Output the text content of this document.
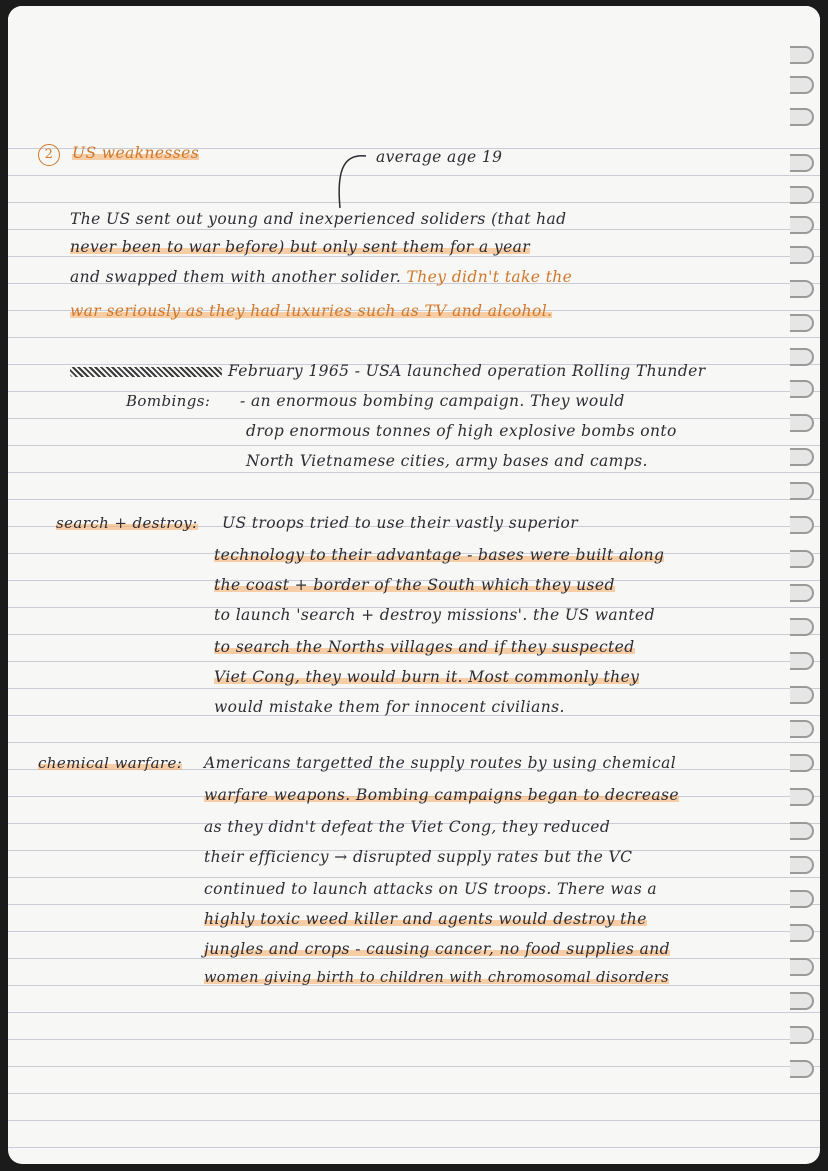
2 US weaknesses	average age 19
The US sent out young and inexperienced soliders (that had
never been to war before) but only sent them for a year
and swapped them with another solider. They didn't take the
war seriously as they had luxuries such as TV and alcohol.
February 1965 - USA launched operation Rolling Thunder
Bombings: - an enormous bombing campaign. They would
drop enormous tonnes of high explosive bombs onto
North Vietnamese cities, army bases and camps.
search + destroy: US troops tried to use their vastly superior
technology to their advantage - bases were built along
the coast + border of the South which they used
to launch 'search + destroy missions'. the US wanted
to search the Norths villages and if they suspected
Viet Cong, they would burn it. Most commonly they
would mistake them for innocent civilians.
chemical warfare: Americans targetted the supply routes by using chemical
warfare weapons. Bombing campaigns began to decrease
as they didn't defeat the Viet Cong, they reduced
their efficiency → disrupted supply rates but the VC
continued to launch attacks on US troops. There was a
highly toxic weed killer and agents would destroy the
jungles and crops - causing cancer, no food supplies and
women giving birth to children with chromosomal disorders
